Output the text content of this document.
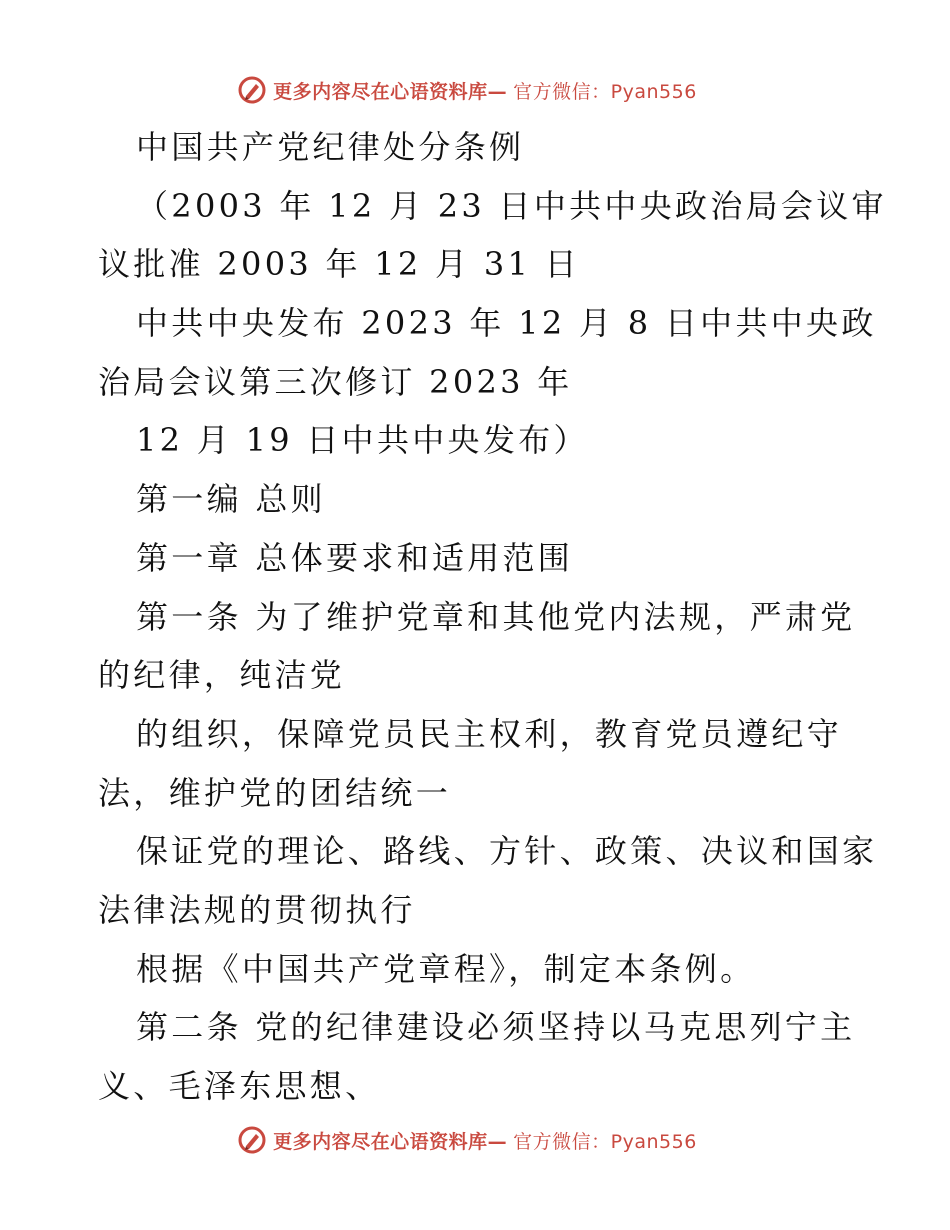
更多内容尽在心语资料库— 官方微信：Pyan556
中国共产党纪律处分条例
（2003 年 12 月 23 日中共中央政治局会议审
议批准 2003 年 12 月 31 日
中共中央发布 2023 年 12 月 8 日中共中央政
治局会议第三次修订 2023 年
12 月 19 日中共中央发布）
第一编 总则
第一章 总体要求和适用范围
第一条 为了维护党章和其他党内法规，严肃党
的纪律，纯洁党
的组织，保障党员民主权利，教育党员遵纪守
法，维护党的团结统一
保证党的理论、路线、方针、政策、决议和国家
法律法规的贯彻执行
根据《中国共产党章程》，制定本条例。
第二条 党的纪律建设必须坚持以马克思列宁主
义、毛泽东思想、
更多内容尽在心语资料库— 官方微信：Pyan556
